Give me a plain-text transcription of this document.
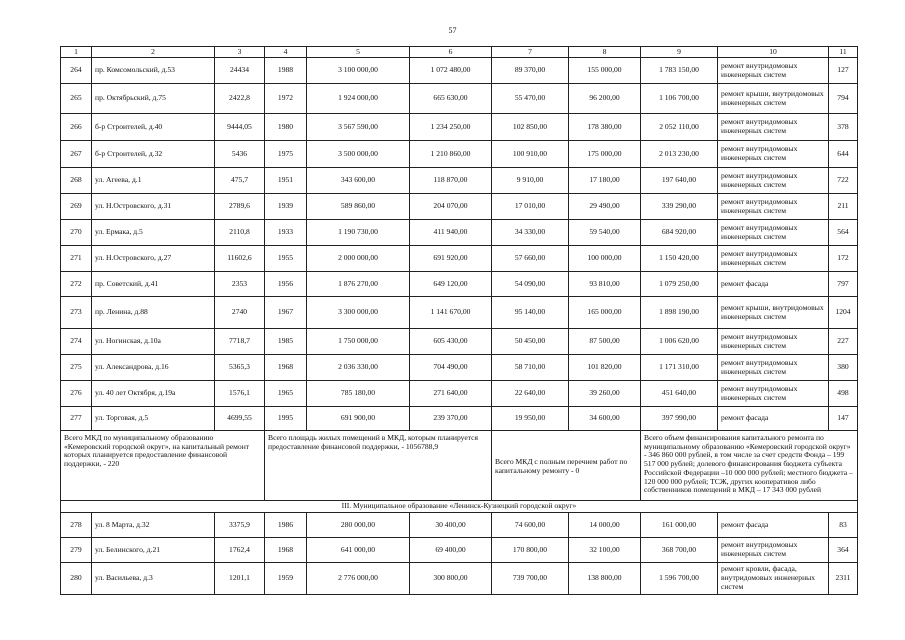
57
1	2	3	4	5	6	7	8	9	10	11
264	пр. Комсомольский, д.53	24434	1988	3 100 000,00	1 072 480,00	89 370,00	155 000,00	1 783 150,00	ремонт внутридомовых инженерных систем	127
265	пр. Октябрьский, д.75	2422,8	1972	1 924 000,00	665 630,00	55 470,00	96 200,00	1 106 700,00	ремонт крыши, внутридомовых инженерных систем	794
266	б-р Строителей, д.40	9444,05	1980	3 567 590,00	1 234 250,00	102 850,00	178 380,00	2 052 110,00	ремонт внутридомовых инженерных систем	378
267	б-р Строителей, д.32	5436	1975	3 500 000,00	1 210 860,00	100 910,00	175 000,00	2 013 230,00	ремонт внутридомовых инженерных систем	644
268	ул. Агеева, д.1	475,7	1951	343 600,00	118 870,00	9 910,00	17 180,00	197 640,00	ремонт внутридомовых инженерных систем	722
269	ул. Н.Островского, д.31	2789,6	1939	589 860,00	204 070,00	17 010,00	29 490,00	339 290,00	ремонт внутридомовых инженерных систем	211
270	ул. Ермака, д.5	2110,8	1933	1 190 730,00	411 940,00	34 330,00	59 540,00	684 920,00	ремонт внутридомовых инженерных систем	564
271	ул. Н.Островского, д.27	11602,6	1955	2 000 000,00	691 920,00	57 660,00	100 000,00	1 150 420,00	ремонт внутридомовых инженерных систем	172
272	пр. Советский, д.41	2353	1956	1 876 270,00	649 120,00	54 090,00	93 810,00	1 079 250,00	ремонт фасада	797
273	пр. Ленина, д.88	2740	1967	3 300 000,00	1 141 670,00	95 140,00	165 000,00	1 898 190,00	ремонт крыши, внутридомовых инженерных систем	1204
274	ул. Ногинская, д.10а	7718,7	1985	1 750 000,00	605 430,00	50 450,00	87 500,00	1 006 620,00	ремонт внутридомовых инженерных систем	227
275	ул. Александрова, д.16	5365,3	1968	2 036 330,00	704 490,00	58 710,00	101 820,00	1 171 310,00	ремонт внутридомовых инженерных систем	380
276	ул. 40 лет Октября, д.19а	1576,1	1965	785 180,00	271 640,00	22 640,00	39 260,00	451 640,00	ремонт внутридомовых инженерных систем	498
277	ул. Торговая, д.5	4699,55	1995	691 900,00	239 370,00	19 950,00	34 600,00	397 990,00	ремонт фасада	147
Всего МКД по муниципальному образованию «Кемеровский городской округ», на капитальный ремонт которых планируется предоставление финансовой поддержки, - 220			Всего площадь жилых помещений в МКД, которым планируется предоставление финансовой поддержки, - 1056788,9			Всего МКД с полным перечнем работ по капитальному ремонту - 0		Всего объем финансирования капитального ремонта по муниципальному образованию «Кемеровский городской округ» - 346 860 000 рублей, в том числе за счет средств Фонда – 199 517 000 рублей; долевого финансирования бюджета субъекта Российской Федерации –10 000 000 рублей; местного бюджета – 120 000 000 рублей; ТСЖ, других кооперативов либо собственников помещений в МКД – 17 343 000 рублей		
III. Муниципальное образование «Ленинск-Кузнецкий городской округ»										
278	ул. 8 Марта, д.32	3375,9	1986	280 000,00	30 400,00	74 600,00	14 000,00	161 000,00	ремонт фасада	83
279	ул. Белинского, д.21	1762,4	1968	641 000,00	69 400,00	170 800,00	32 100,00	368 700,00	ремонт внутридомовых инженерных систем	364
280	ул. Васильева, д.3	1201,1	1959	2 776 000,00	300 800,00	739 700,00	138 800,00	1 596 700,00	ремонт кровли, фасада, внутридомовых инженерных систем	2311
